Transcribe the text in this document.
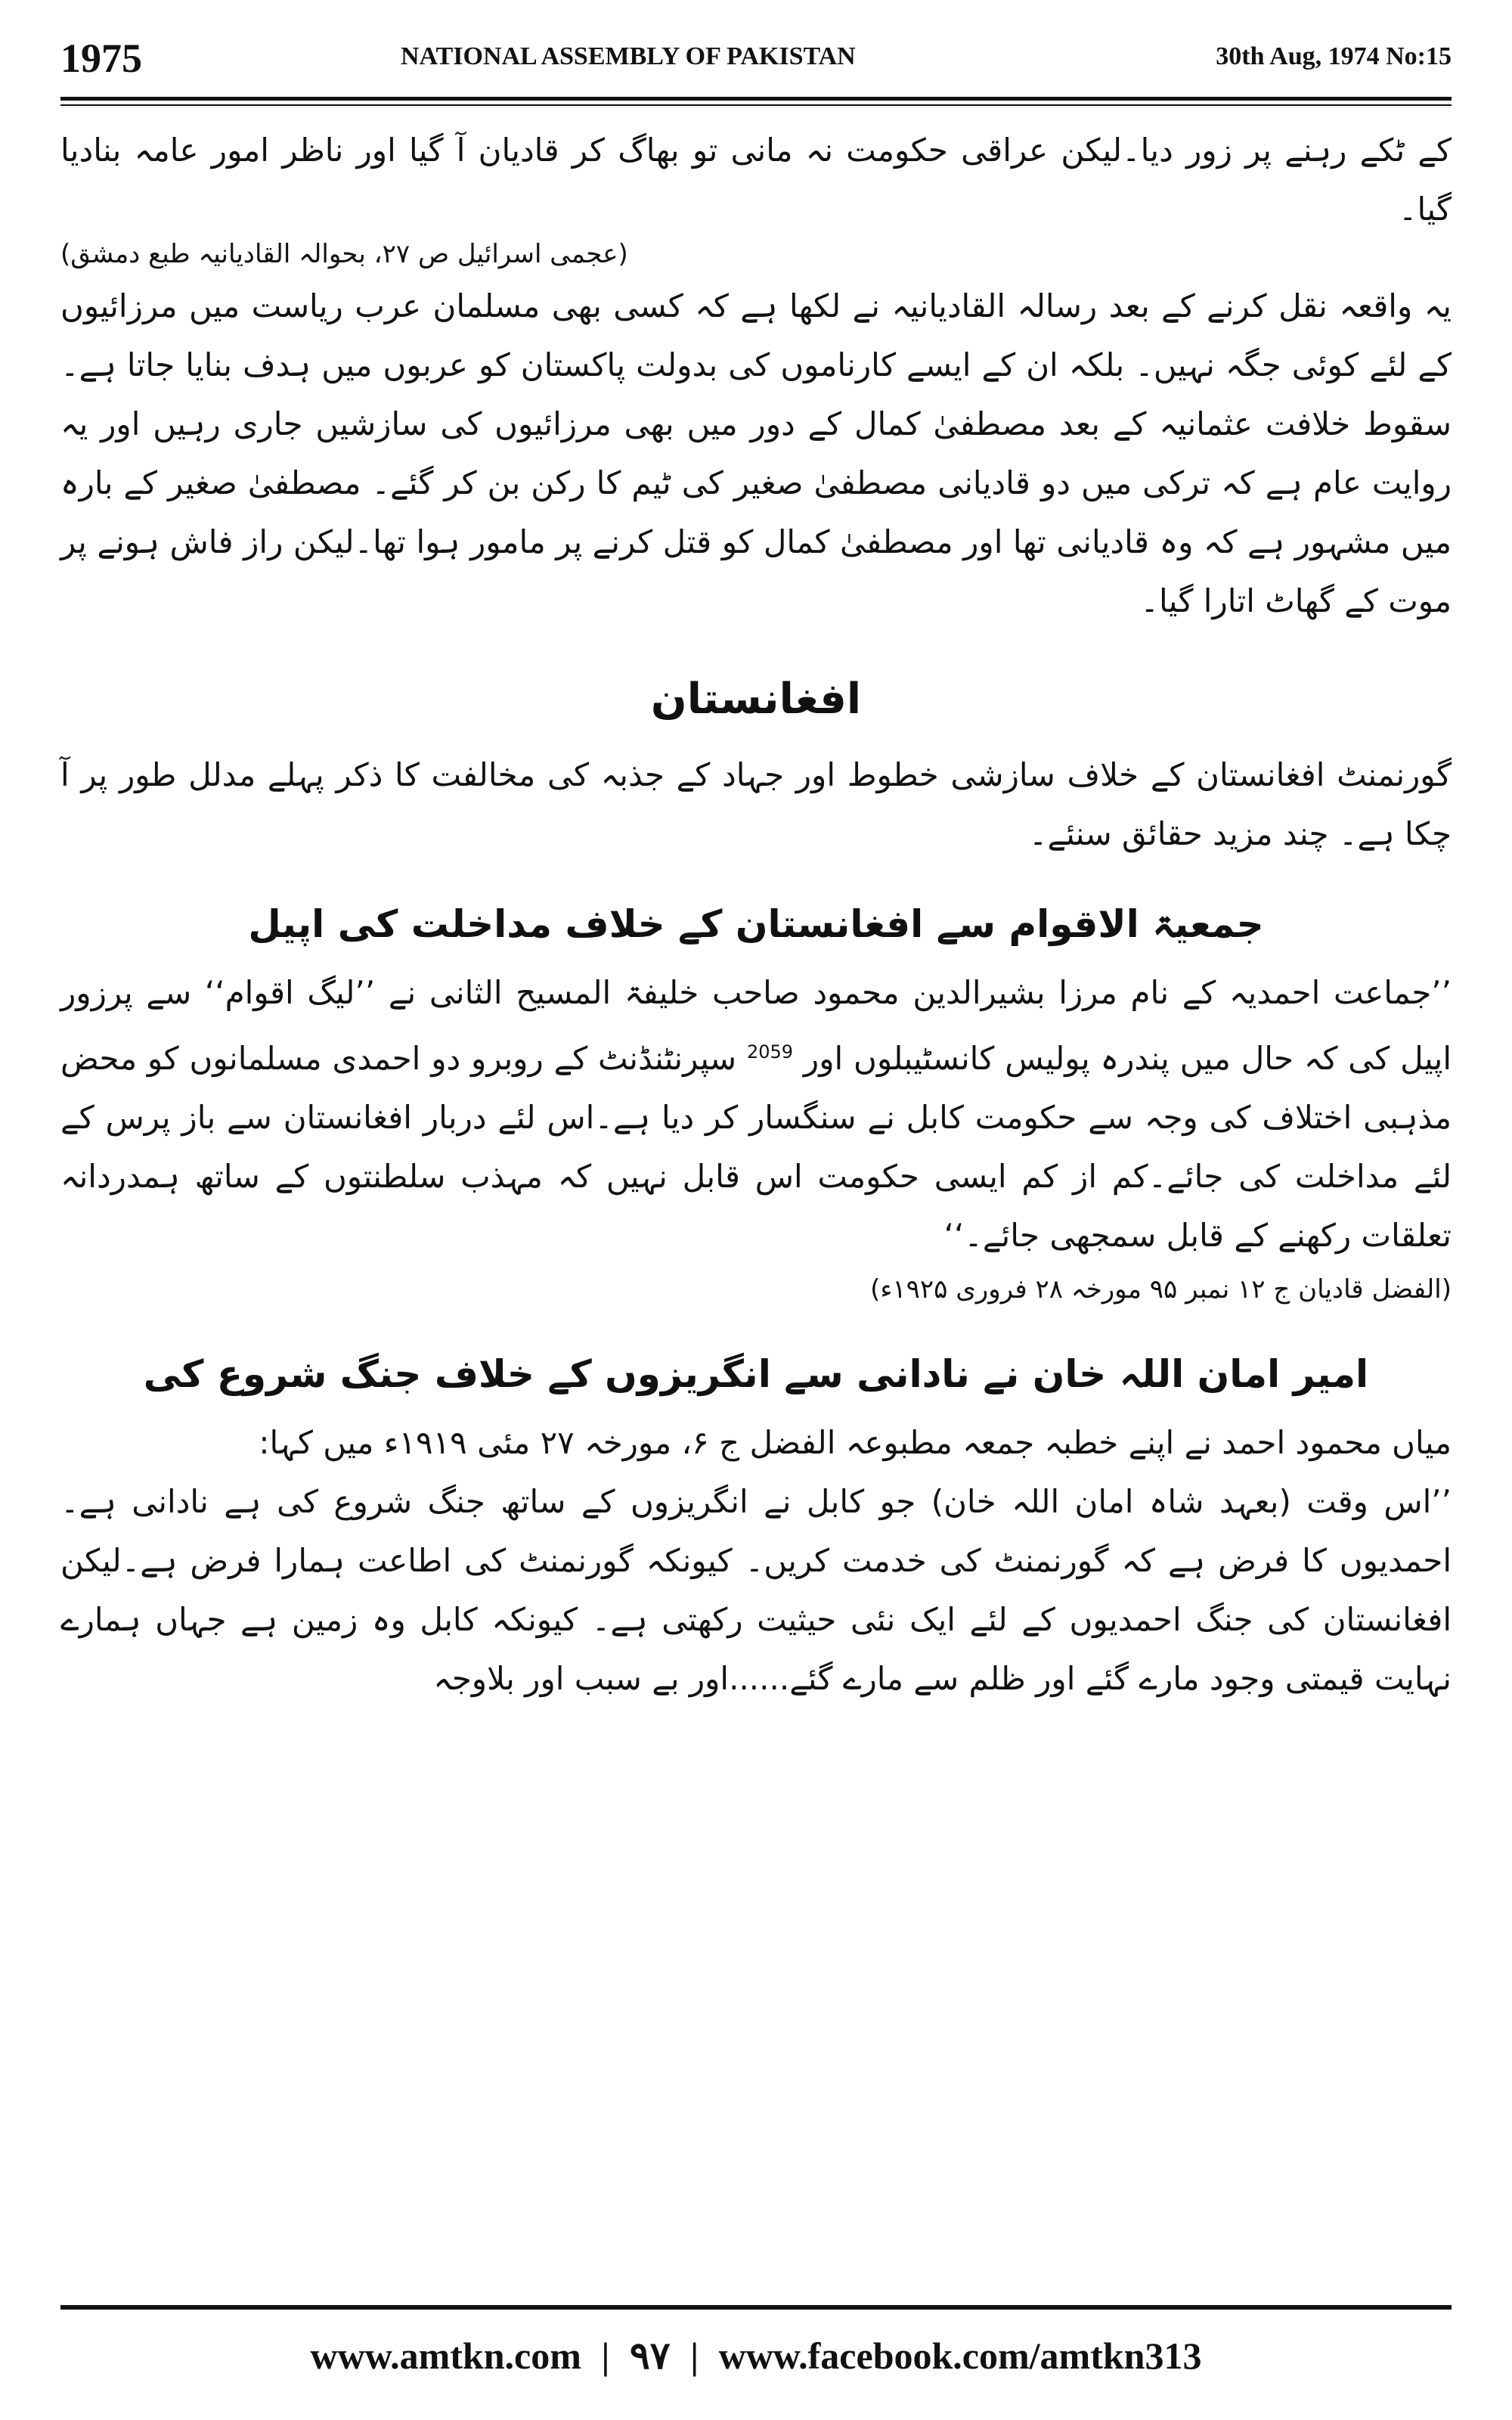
1975	NATIONAL ASSEMBLY OF PAKISTAN	30th Aug, 1974 No:15

کے ٹکے رہنے پر زور دیا۔لیکن عراقی حکومت نہ مانی تو بھاگ کر قادیان آ گیا اور ناظر امور عامہ بنادیا گیا۔

(عجمی اسرائیل ص ۲۷، بحوالہ القادیانیہ طبع دمشق)

یہ واقعہ نقل کرنے کے بعد رسالہ القادیانیہ نے لکھا ہے کہ کسی بھی مسلمان عرب ریاست میں مرزائیوں کے لئے کوئی جگہ نہیں۔ بلکہ ان کے ایسے کارناموں کی بدولت پاکستان کو عربوں میں ہدف بنایا جاتا ہے۔سقوط خلافت عثمانیہ کے بعد مصطفیٰ کمال کے دور میں بھی مرزائیوں کی سازشیں جاری رہیں اور یہ روایت عام ہے کہ ترکی میں دو قادیانی مصطفیٰ صغیر کی ٹیم کا رکن بن کر گئے۔ مصطفیٰ صغیر کے بارہ میں مشہور ہے کہ وہ قادیانی تھا اور مصطفیٰ کمال کو قتل کرنے پر مامور ہوا تھا۔لیکن راز فاش ہونے پر موت کے گھاٹ اتارا گیا۔

افغانستان

گورنمنٹ افغانستان کے خلاف سازشی خطوط اور جہاد کے جذبہ کی مخالفت کا ذکر پہلے مدلل طور پر آ چکا ہے۔ چند مزید حقائق سنئے۔

جمعیۃ الاقوام سے افغانستان کے خلاف مداخلت کی اپیل

’’جماعت احمدیہ کے نام مرزا بشیرالدین محمود صاحب خلیفۃ المسیح الثانی نے ’’لیگ اقوام‘‘ سے پرزور اپیل کی کہ حال میں پندرہ پولیس کانسٹیبلوں اور $^{2059}$ سپرنٹنڈنٹ کے روبرو دو احمدی مسلمانوں کو محض مذہبی اختلاف کی وجہ سے حکومت کابل نے سنگسار کر دیا ہے۔اس لئے دربار افغانستان سے باز پرس کے لئے مداخلت کی جائے۔کم از کم ایسی حکومت اس قابل نہیں کہ مہذب سلطنتوں کے ساتھ ہمدردانہ تعلقات رکھنے کے قابل سمجھی جائے۔‘‘

(الفضل قادیان ج ۱۲ نمبر ۹۵ مورخہ ۲۸ فروری ۱۹۲۵ء)

امیر امان اللہ خان نے نادانی سے انگریزوں کے خلاف جنگ شروع کی

میاں محمود احمد نے اپنے خطبہ جمعہ مطبوعہ الفضل ج ۶، مورخہ ۲۷ مئی ۱۹۱۹ء میں کہا:

’’اس وقت (بعہد شاہ امان اللہ خان) جو کابل نے انگریزوں کے ساتھ جنگ شروع کی ہے نادانی ہے۔احمدیوں کا فرض ہے کہ گورنمنٹ کی خدمت کریں۔ کیونکہ گورنمنٹ کی اطاعت ہمارا فرض ہے۔لیکن افغانستان کی جنگ احمدیوں کے لئے ایک نئی حیثیت رکھتی ہے۔ کیونکہ کابل وہ زمین ہے جہاں ہمارے نہایت قیمتی وجود مارے گئے اور ظلم سے مارے گئے......اور بے سبب اور بلاوجہ

www.amtkn.com | ۹۷ | www.facebook.com/amtkn313
